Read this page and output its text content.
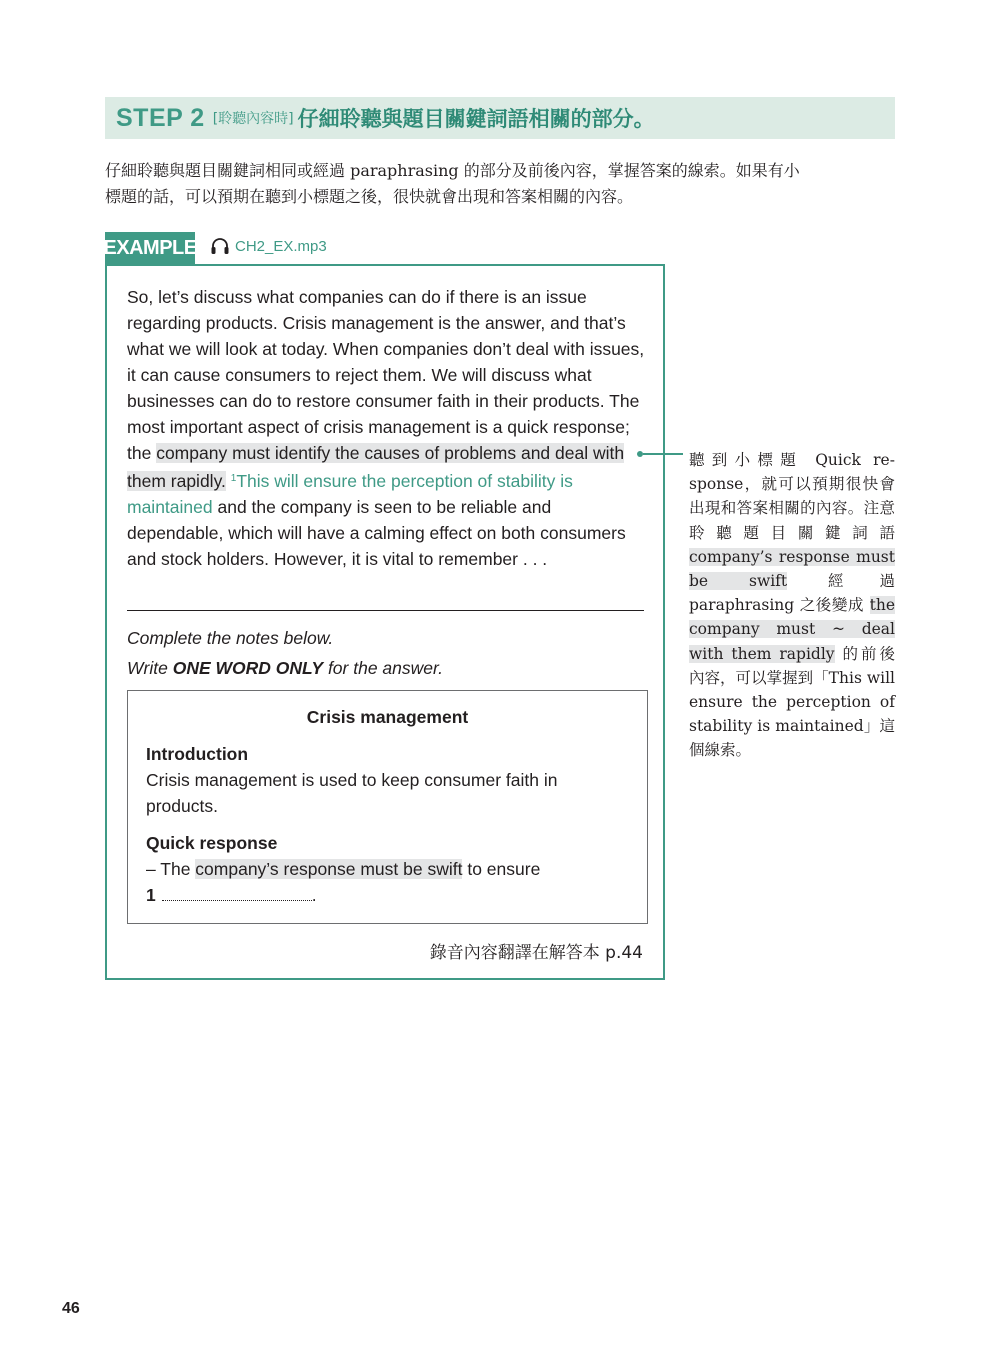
STEP 2 [聆聽內容時] 仔細聆聽與題目關鍵詞語相關的部分。
仔細聆聽與題目關鍵詞相同或經過 paraphrasing 的部分及前後內容，掌握答案的線索。如果有小
標題的話，可以預期在聽到小標題之後，很快就會出現和答案相關的內容。
EXAMPLE	CH2_EX.mp3
So, let’s discuss what companies can do if there is an issue regarding products. Crisis management is the answer, and that’s what we will look at today. When companies don’t deal with issues, it can cause consumers to reject them. We will discuss what businesses can do to restore consumer faith in their products. The most important aspect of crisis management is a quick response; the company must identify the causes of problems and deal with them rapidly. $^1$This will ensure the perception of stability is maintained and the company is seen to be reliable and dependable, which will have a calming effect on both consumers and stock holders. However, it is vital to remember . . .
Complete the notes below.
Write ONE WORD ONLY for the answer.
Crisis management
Introduction
Crisis management is used to keep consumer faith in products.
Quick response
– The company’s response must be swift to ensure
1	.
錄音內容翻譯在解答本 p.44
聽到小標題 Quick response，就可以預期很快會出現和答案相關的內容。注意聆聽題目關鍵詞語 company’s response must be swift 經過 paraphrasing 之後變成 the company must ~ deal with them rapidly 的前後內容，可以掌握到「This will ensure the perception of stability is maintained」這個線索。
46
